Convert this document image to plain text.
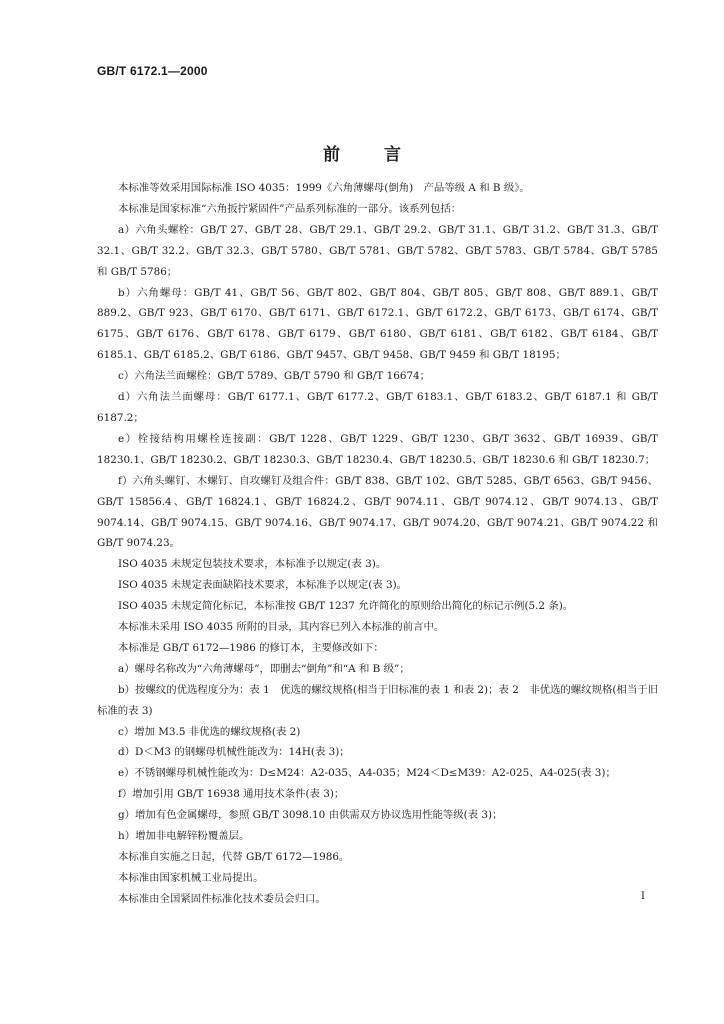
GB/T 6172.1—2000
前言

本标准等效采用国际标准 ISO 4035：1999《六角薄螺母(倒角)　产品等级 A 和 B 级》。

本标准是国家标准“六角扳拧紧固件”产品系列标准的一部分。该系列包括：

a）六角头螺栓：GB/T 27、GB/T 28、GB/T 29.1、GB/T 29.2、GB/T 31.1、GB/T 31.2、GB/T 31.3、GB/T 32.1、GB/T 32.2、GB/T 32.3、GB/T 5780、GB/T 5781、GB/T 5782、GB/T 5783、GB/T 5784、GB/T 5785 和 GB/T 5786；

b）六角螺母：GB/T 41、GB/T 56、GB/T 802、GB/T 804、GB/T 805、GB/T 808、GB/T 889.1、GB/T 889.2、GB/T 923、GB/T 6170、GB/T 6171、GB/T 6172.1、GB/T 6172.2、GB/T 6173、GB/T 6174、GB/T 6175、GB/T 6176、GB/T 6178、GB/T 6179、GB/T 6180、GB/T 6181、GB/T 6182、GB/T 6184、GB/T 6185.1、GB/T 6185.2、GB/T 6186、GB/T 9457、GB/T 9458、GB/T 9459 和 GB/T 18195；

c）六角法兰面螺栓：GB/T 5789、GB/T 5790 和 GB/T 16674；

d）六角法兰面螺母：GB/T 6177.1、GB/T 6177.2、GB/T 6183.1、GB/T 6183.2、GB/T 6187.1 和 GB/T 6187.2；

e）栓接结构用螺栓连接副：GB/T 1228、GB/T 1229、GB/T 1230、GB/T 3632、GB/T 16939、GB/T 18230.1、GB/T 18230.2、GB/T 18230.3、GB/T 18230.4、GB/T 18230.5、GB/T 18230.6 和 GB/T 18230.7；

f）六角头螺钉、木螺钉、自攻螺钉及组合件：GB/T 838、GB/T 102、GB/T 5285、GB/T 6563、GB/T 9456、GB/T 15856.4、GB/T 16824.1、GB/T 16824.2、GB/T 9074.11、GB/T 9074.12、GB/T 9074.13、GB/T 9074.14、GB/T 9074.15、GB/T 9074.16、GB/T 9074.17、GB/T 9074.20、GB/T 9074.21、GB/T 9074.22 和 GB/T 9074.23。

ISO 4035 未规定包装技术要求，本标准予以规定(表 3)。

ISO 4035 未规定表面缺陷技术要求，本标准予以规定(表 3)。

ISO 4035 未规定简化标记，本标准按 GB/T 1237 允许简化的原则给出简化的标记示例(5.2 条)。

本标准未采用 ISO 4035 所附的目录，其内容已列入本标准的前言中。

本标准是 GB/T 6172—1986 的修订本，主要修改如下：

a）螺母名称改为“六角薄螺母”，即删去“倒角”和“A 和 B 级”；

b）按螺纹的优选程度分为：表 1　优选的螺纹规格(相当于旧标准的表 1 和表 2)；表 2　非优选的螺纹规格(相当于旧标准的表 3)

c）增加 M3.5 非优选的螺纹规格(表 2)

d）D＜M3 的钢螺母机械性能改为：14H(表 3)；

e）不锈钢螺母机械性能改为：D≤M24：A2-035、A4-035；M24＜D≤M39：A2-025、A4-025(表 3)；

f）增加引用 GB/T 16938 通用技术条件(表 3)；

g）增加有色金属螺母，参照 GB/T 3098.10 由供需双方协议选用性能等级(表 3)；

h）增加非电解锌粉覆盖层。

本标准自实施之日起，代替 GB/T 6172—1986。

本标准由国家机械工业局提出。

本标准由全国紧固件标准化技术委员会归口。	I
